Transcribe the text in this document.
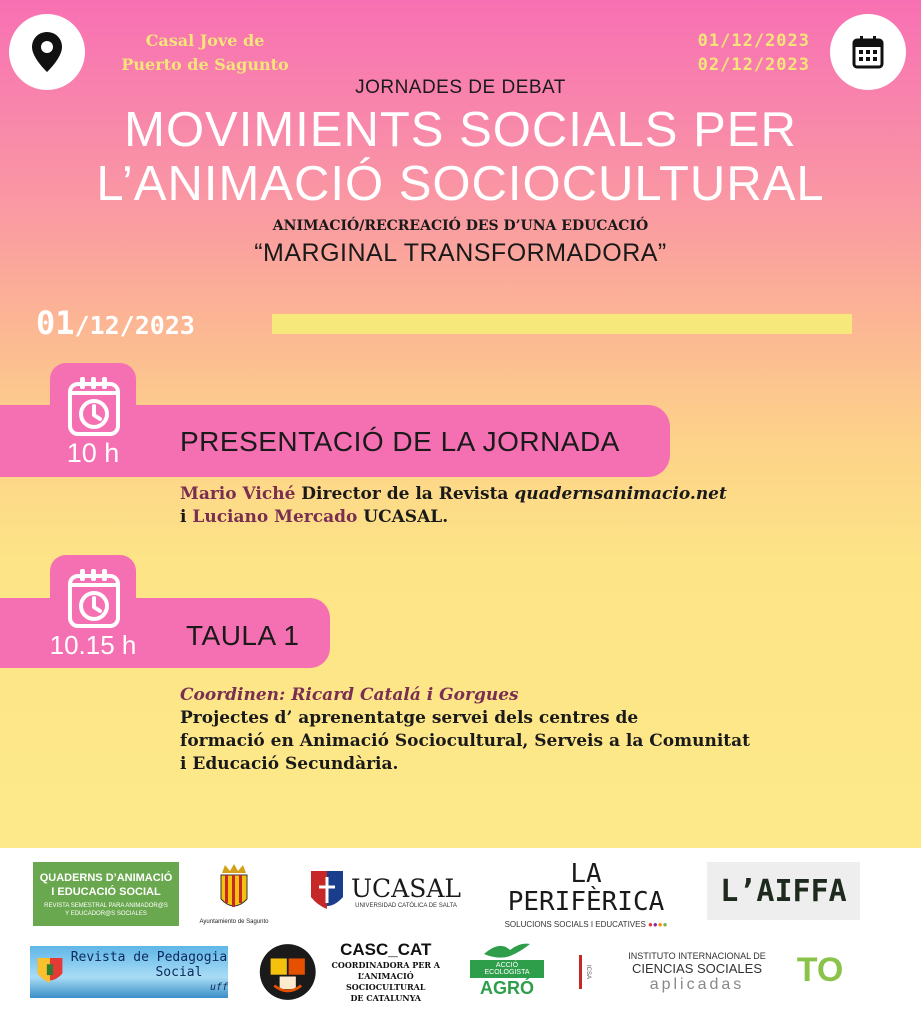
Casal Jove de
Puerto de Sagunto
01/12/2023
02/12/2023
JORNADES DE DEBAT
MOVIMIENTS SOCIALS PER
L’ANIMACIÓ SOCIOCULTURAL
ANIMACIÓ/RECREACIÓ DES D’UNA EDUCACIÓ
“MARGINAL TRANSFORMADORA”
01/12/2023
10 h	PRESENTACIÓ DE LA JORNADA
Mario Viché Director de la Revista quadernsanimacio.net
i Luciano Mercado UCASAL.
10.15 h TAULA 1
Coordinen: Ricard Catalá i Gorgues
Projectes d’ aprenentatge servei dels centres de
formació en Animació Sociocultural, Serveis a la Comunitat
i Educació Secundària.
QUADERNS D’ANIMACIÓ
I EDUCACIÓ SOCIAL
REVISTA SEMESTRAL PARA ANIMADOR@S
Y EDUCADOR@S SOCIALES
Ayuntamiento de Sagunto
UCASAL
UNIVERSIDAD CATÓLICA DE SALTA
LA PERIFÈRICA
SOLUCIONS SOCIALS I EDUCATIVES ●●●●
L’AIFFA
Revista de Pedagogia
Social
uff
CASC_CAT
COORDINADORA PER A
L’ANIMACIÓ SOCIOCULTURAL
DE CATALUNYA
ACCIÓ ECOLOGISTA
AGRÓ
ICSA
INSTITUTO INTERNACIONAL DE
CIENCIAS SOCIALES
aplicadas TO
